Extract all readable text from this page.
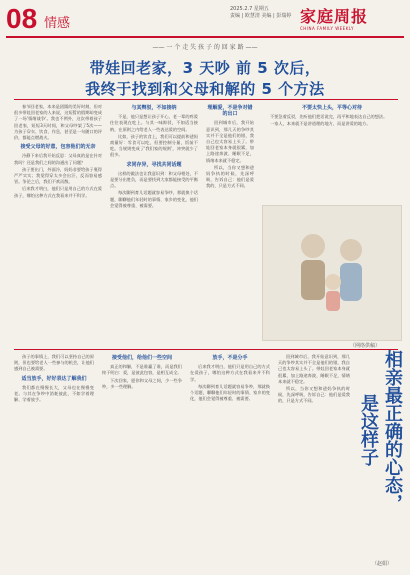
08 情感
2025.2.7 星期五
责编 | 欧慧清 美编 | 彭瑞婷 家庭周报
CHINA FAMILY WEEKLY
—— 一 个 走 失 孩 子 的 回 家 路 ——
带娃回老家，3 天吵 前 5 次后，
我终于找到和父母和解的 5 个方法

春节回老家，本来是团圆的美好时刻，但对很多带娃回老家的人来说，这短暂的假期却变成了一场'情绪战争'。我也不例外，这次带着孩子回老家，短短3天时间，和父母吵架了5次——为孩子穿衣、饮食、作息，甚至是一句随口的评价，都能点燃战火。

接受父母的好意，包容他们的无奈

冷静下来后我开始反思：父母真的是在针对我吗？还是我们之间的沟通出了问题？

孩子要出门，外面冷，妈妈非要给孩子裹得严严实实；我觉得穿太多会出汗，反而容易感冒。争论之后，我们不欢而散。

后来我才明白，他们只是用自己的方式在爱孩子，哪怕这种方式在我看来并不科学。

与其辩驳，不如接纳

不是，他只是想让孩子开心，老一辈的疼爱往往表现在吃上。与其一味辩驳，不如适当接纳，在原则之内给老人一些表达爱的空间。

比如，孩子的饮食上，我们可以提前和爸妈商量好：零食可以吃，但要控制分量，饭前不吃。当规则变成了'我们家的规则'，冲突就少了很多。

求同存异，寻找共同话题

这样的做法也让我意识到：和父母相处，不是要分出胜负，而是要找到大家都能接受的平衡点。

每次聊到育儿话题就容易争吵，那就换个话题，聊聊他们年轻时的事情、家乡的变化，他们会觉得被尊重、被需要。

理解爱，不是争对错的出口

回到城市后，我开始意识到，那几天的争吵其实并不全是他们的错，我自己也太容易上头了。带娃回老家本身就很累，加上路途奔波、睡眠不足，情绪本来就不稳定。

所以，当你又想和爸妈争执的时候，先深呼吸，告诉自己：他们是爱我的，只是方式不同。

不要太快上头，平等心对待

不要急着反驳，先听他们把话说完，再平和地表达自己的想法。

一家人，本来就不是讲道理的地方，而是讲爱的地方。

（网络供稿）

孩子的事情上，我们可以坚持自己的原则，但也要给老人一些参与的机会，让他们感到自己被需要。

适当放手，好好表达了解我们

我们都在慢慢长大，父母也在慢慢变老。与其在争吵中消耗彼此，不如学着理解、学着放手。

接受他们，给他们一些空间

真正的和解，不是谁赢了谁，而是我们终于明白：爱，是彼此包容，是相互成全。

下次回家，愿你和父母之间，少一些争吵，多一些理解。

放手，不是分手

后来我才明白，他们只是用自己的方式在爱孩子，哪怕这种方式在我看来并不科学。

每次聊到育儿话题就容易争吵，那就换个话题，聊聊他们年轻时的事情、家乡的变化，他们会觉得被尊重、被需要。

回到城市后，我开始意识到，那几天的争吵其实并不全是他们的错，我自己也太容易上头了。带娃回老家本身就很累，加上路途奔波、睡眠不足，情绪本来就不稳定。

所以，当你又想和爸妈争执的时候，先深呼吸，告诉自己：他们是爱我的，只是方式不同。	相亲最正确的心态，
是这样子
（赵娟）
